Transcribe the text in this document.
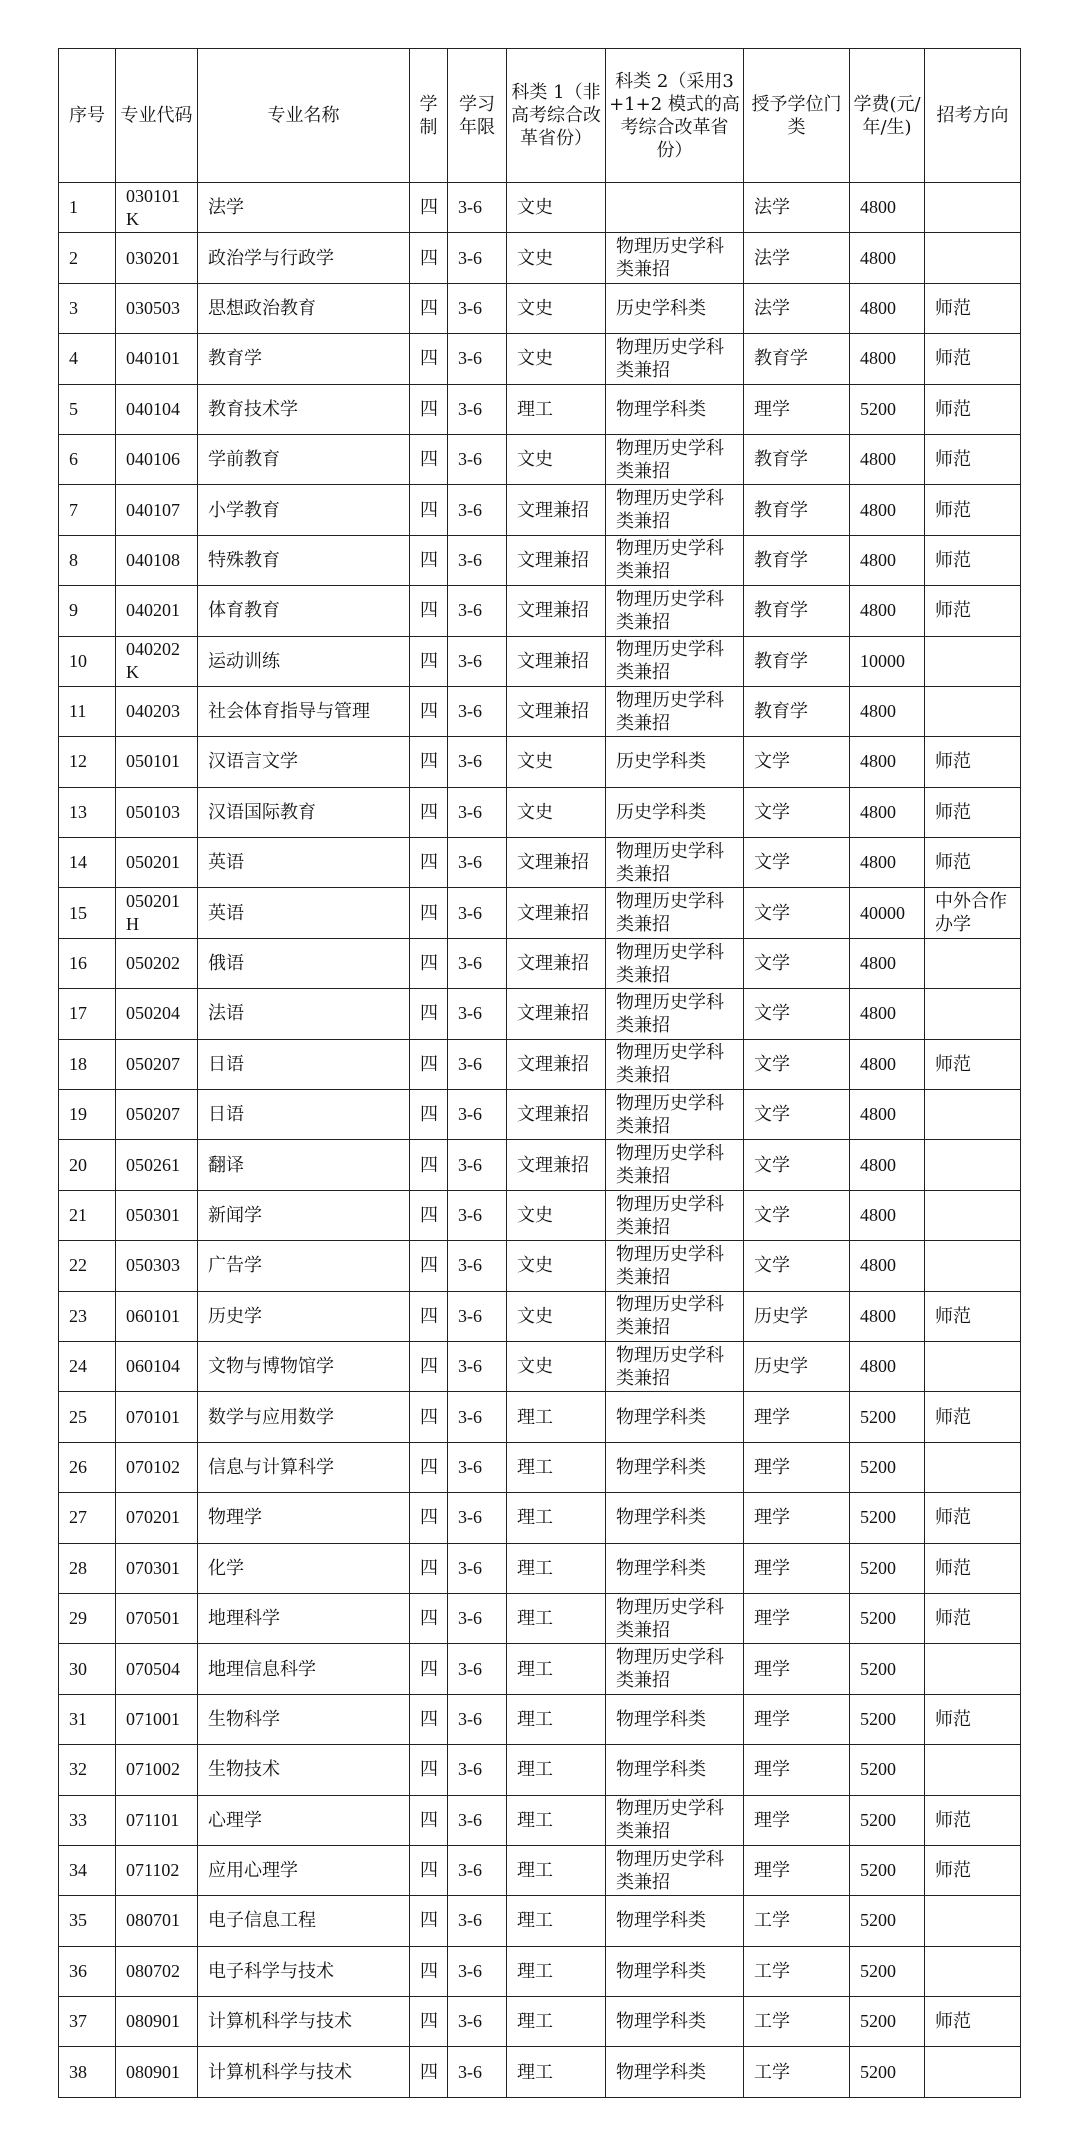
序号	专业代码	专业名称	学制	学习年限	科类 1（非高考综合改革省份）	科类 2（采用3+1+2 模式的高考综合改革省份）	授予学位门类	学费(元/年/生)	招考方向
1	030101K	法学	四	3-6	文史		法学	4800	
2	030201	政治学与行政学	四	3-6	文史	物理历史学科类兼招	法学	4800	
3	030503	思想政治教育	四	3-6	文史	历史学科类	法学	4800	师范
4	040101	教育学	四	3-6	文史	物理历史学科类兼招	教育学	4800	师范
5	040104	教育技术学	四	3-6	理工	物理学科类	理学	5200	师范
6	040106	学前教育	四	3-6	文史	物理历史学科类兼招	教育学	4800	师范
7	040107	小学教育	四	3-6	文理兼招	物理历史学科类兼招	教育学	4800	师范
8	040108	特殊教育	四	3-6	文理兼招	物理历史学科类兼招	教育学	4800	师范
9	040201	体育教育	四	3-6	文理兼招	物理历史学科类兼招	教育学	4800	师范
10	040202K	运动训练	四	3-6	文理兼招	物理历史学科类兼招	教育学	10000	
11	040203	社会体育指导与管理	四	3-6	文理兼招	物理历史学科类兼招	教育学	4800	
12	050101	汉语言文学	四	3-6	文史	历史学科类	文学	4800	师范
13	050103	汉语国际教育	四	3-6	文史	历史学科类	文学	4800	师范
14	050201	英语	四	3-6	文理兼招	物理历史学科类兼招	文学	4800	师范
15	050201H	英语	四	3-6	文理兼招	物理历史学科类兼招	文学	40000	中外合作办学
16	050202	俄语	四	3-6	文理兼招	物理历史学科类兼招	文学	4800	
17	050204	法语	四	3-6	文理兼招	物理历史学科类兼招	文学	4800	
18	050207	日语	四	3-6	文理兼招	物理历史学科类兼招	文学	4800	师范
19	050207	日语	四	3-6	文理兼招	物理历史学科类兼招	文学	4800	
20	050261	翻译	四	3-6	文理兼招	物理历史学科类兼招	文学	4800	
21	050301	新闻学	四	3-6	文史	物理历史学科类兼招	文学	4800	
22	050303	广告学	四	3-6	文史	物理历史学科类兼招	文学	4800	
23	060101	历史学	四	3-6	文史	物理历史学科类兼招	历史学	4800	师范
24	060104	文物与博物馆学	四	3-6	文史	物理历史学科类兼招	历史学	4800	
25	070101	数学与应用数学	四	3-6	理工	物理学科类	理学	5200	师范
26	070102	信息与计算科学	四	3-6	理工	物理学科类	理学	5200	
27	070201	物理学	四	3-6	理工	物理学科类	理学	5200	师范
28	070301	化学	四	3-6	理工	物理学科类	理学	5200	师范
29	070501	地理科学	四	3-6	理工	物理历史学科类兼招	理学	5200	师范
30	070504	地理信息科学	四	3-6	理工	物理历史学科类兼招	理学	5200	
31	071001	生物科学	四	3-6	理工	物理学科类	理学	5200	师范
32	071002	生物技术	四	3-6	理工	物理学科类	理学	5200	
33	071101	心理学	四	3-6	理工	物理历史学科类兼招	理学	5200	师范
34	071102	应用心理学	四	3-6	理工	物理历史学科类兼招	理学	5200	师范
35	080701	电子信息工程	四	3-6	理工	物理学科类	工学	5200	
36	080702	电子科学与技术	四	3-6	理工	物理学科类	工学	5200	
37	080901	计算机科学与技术	四	3-6	理工	物理学科类	工学	5200	师范
38	080901	计算机科学与技术	四	3-6	理工	物理学科类	工学	5200	
